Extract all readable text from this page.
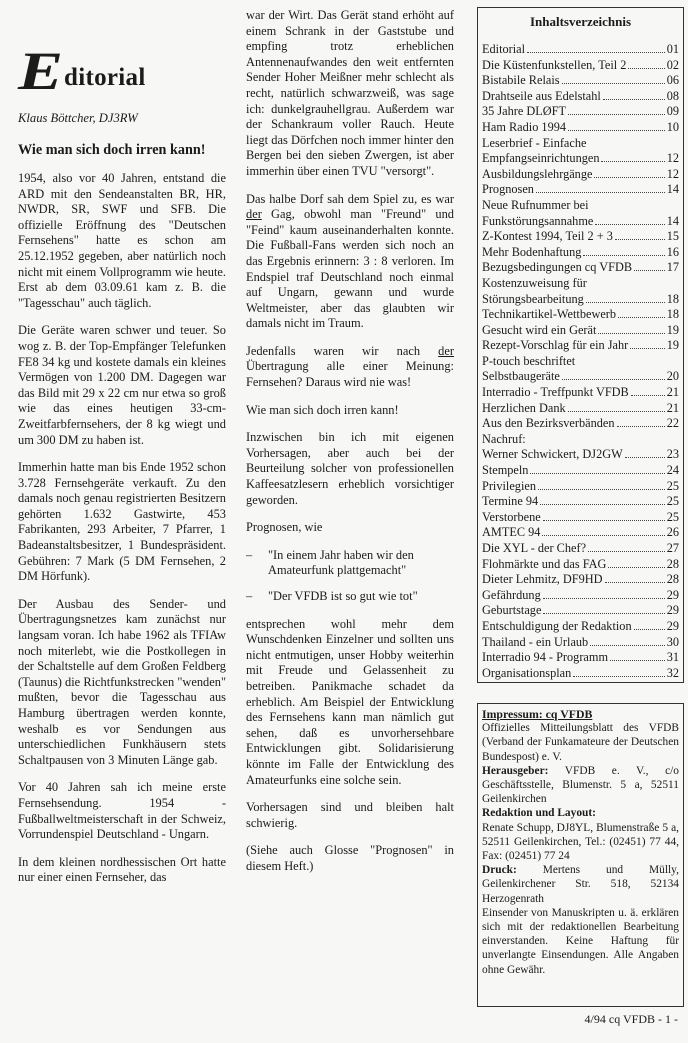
E ditorial
Klaus Böttcher, DJ3RW
Wie man sich doch irren kann!

1954, also vor 40 Jahren, entstand die ARD mit den Sendeanstalten BR, HR, NWDR, SR, SWF und SFB. Die offizielle Eröffnung des "Deutschen Fernsehens" hatte es schon am 25.12.1952 gegeben, aber natürlich noch nicht mit einem Vollprogramm wie heute. Erst ab dem 03.09.61 kam z. B. die "Tagesschau" auch täglich.

Die Geräte waren schwer und teuer. So wog z. B. der Top-Empfänger Telefunken FE8 34 kg und kostete damals ein kleines Vermögen von 1.200 DM. Dagegen war das Bild mit 29 x 22 cm nur etwa so groß wie das eines heutigen 33-cm-Zweitfarbfernsehers, der 8 kg wiegt und um 300 DM zu haben ist.

Immerhin hatte man bis Ende 1952 schon 3.728 Fernsehgeräte verkauft. Zu den damals noch genau registrierten Besitzern gehörten 1.632 Gastwirte, 453 Fabrikanten, 293 Arbeiter, 7 Pfarrer, 1 Badeanstaltsbesitzer, 1 Bundespräsident. Gebühren: 7 Mark (5 DM Fernsehen, 2 DM Hörfunk).

Der Ausbau des Sender- und Übertragungsnetzes kam zunächst nur langsam voran. Ich habe 1962 als TFIAw noch miterlebt, wie die Postkollegen in der Schaltstelle auf dem Großen Feldberg (Taunus) die Richtfunkstrecken "wenden" mußten, bevor die Tagesschau aus Hamburg übertragen werden konnte, weshalb es vor Sendungen aus unterschiedlichen Funkhäusern stets Schaltpausen von 3 Minuten Länge gab.

Vor 40 Jahren sah ich meine erste Fernsehsendung. 1954 - Fußballweltmeisterschaft in der Schweiz, Vorrundenspiel Deutschland - Ungarn.

In dem kleinen nordhessischen Ort hatte nur einer einen Fernseher, das

war der Wirt. Das Gerät stand erhöht auf einem Schrank in der Gaststube und empfing trotz erheblichen Antennenaufwandes den weit entfernten Sender Hoher Meißner mehr schlecht als recht, natürlich schwarzweiß, was sage ich: dunkelgrauhellgrau. Außerdem war der Schankraum voller Rauch. Heute liegt das Dörfchen noch immer hinter den Bergen bei den sieben Zwergen, ist aber immerhin über einen TVU "versorgt".

Das halbe Dorf sah dem Spiel zu, es war der Gag, obwohl man "Freund" und "Feind" kaum auseinanderhalten konnte. Die Fußball-Fans werden sich noch an das Ergebnis erinnern: 3 : 8 verloren. Im Endspiel traf Deutschland noch einmal auf Ungarn, gewann und wurde Weltmeister, aber das glaubten wir damals nicht im Traum.

Jedenfalls waren wir nach der Übertragung alle einer Meinung: Fernsehen? Daraus wird nie was!

Wie man sich doch irren kann!

Inzwischen bin ich mit eigenen Vorhersagen, aber auch bei der Beurteilung solcher von professionellen Kaffeesatzlesern erheblich vorsichtiger geworden.

Prognosen, wie

– "In einem Jahr haben wir den Amateurfunk plattgemacht"
– "Der VFDB ist so gut wie tot"

entsprechen wohl mehr dem Wunschdenken Einzelner und sollten uns nicht entmutigen, unser Hobby weiterhin mit Freude und Gelassenheit zu betreiben. Panikmache schadet da erheblich. Am Beispiel der Entwicklung des Fernsehens kann man nämlich gut sehen, daß es unvorhersehbare Entwicklungen gibt. Solidarisierung könnte im Falle der Entwicklung des Amateurfunks eine solche sein.

Vorhersagen sind und bleiben halt schwierig.

(Siehe auch Glosse "Prognosen" in diesem Heft.)

Inhaltsverzeichnis
Editorial	01
Die Küstenfunkstellen, Teil 2	02
Bistabile Relais	06
Drahtseile aus Edelstahl	08
35 Jahre DLØFT	09
Ham Radio 1994	10
Leserbrief - Einfache
Empfangseinrichtungen	12
Ausbildungslehrgänge	12
Prognosen	14
Neue Rufnummer bei
Funkstörungsannahme	14
Z-Kontest 1994, Teil 2 + 3	15
Mehr Bodenhaftung	16
Bezugsbedingungen cq VFDB	17
Kostenzuweisung für
Störungsbearbeitung	18
Technikartikel-Wettbewerb	18
Gesucht wird ein Gerät	19
Rezept-Vorschlag für ein Jahr	19
P-touch beschriftet
Selbstbaugeräte	20
Interradio - Treffpunkt VFDB	21
Herzlichen Dank	21
Aus den Bezirksverbänden	22
Nachruf:
Werner Schwickert, DJ2GW	23
Stempeln	24
Privilegien	25
Termine 94	25
Verstorbene	25
AMTEC 94	26
Die XYL - der Chef?	27
Flohmärkte und das FAG	28
Dieter Lehmitz, DF9HD	28
Gefährdung	29
Geburtstage	29
Entschuldigung der Redaktion	29
Thailand - ein Urlaub	30
Interradio 94 - Programm	31
Organisationsplan	32
Impressum: cq VFDB
Offizielles Mitteilungsblatt des VFDB (Verband der Funkamateure der Deutschen Bundespost) e. V.
Herausgeber: VFDB e. V., c/o Geschäftsstelle, Blumenstr. 5 a, 52511 Geilenkirchen
Redaktion und Layout:
Renate Schupp, DJ8YL, Blumenstraße 5 a, 52511 Geilenkirchen, Tel.: (02451) 77 44, Fax: (02451) 77 24
Druck: Mertens und Mülly, Geilenkirchener Str. 518, 52134 Herzogenrath
Einsender von Manuskripten u. ä. erklären sich mit der redaktionellen Bearbeitung einverstanden. Keine Haftung für unverlangte Einsendungen. Alle Angaben ohne Gewähr.
4/94 cq VFDB - 1 -
